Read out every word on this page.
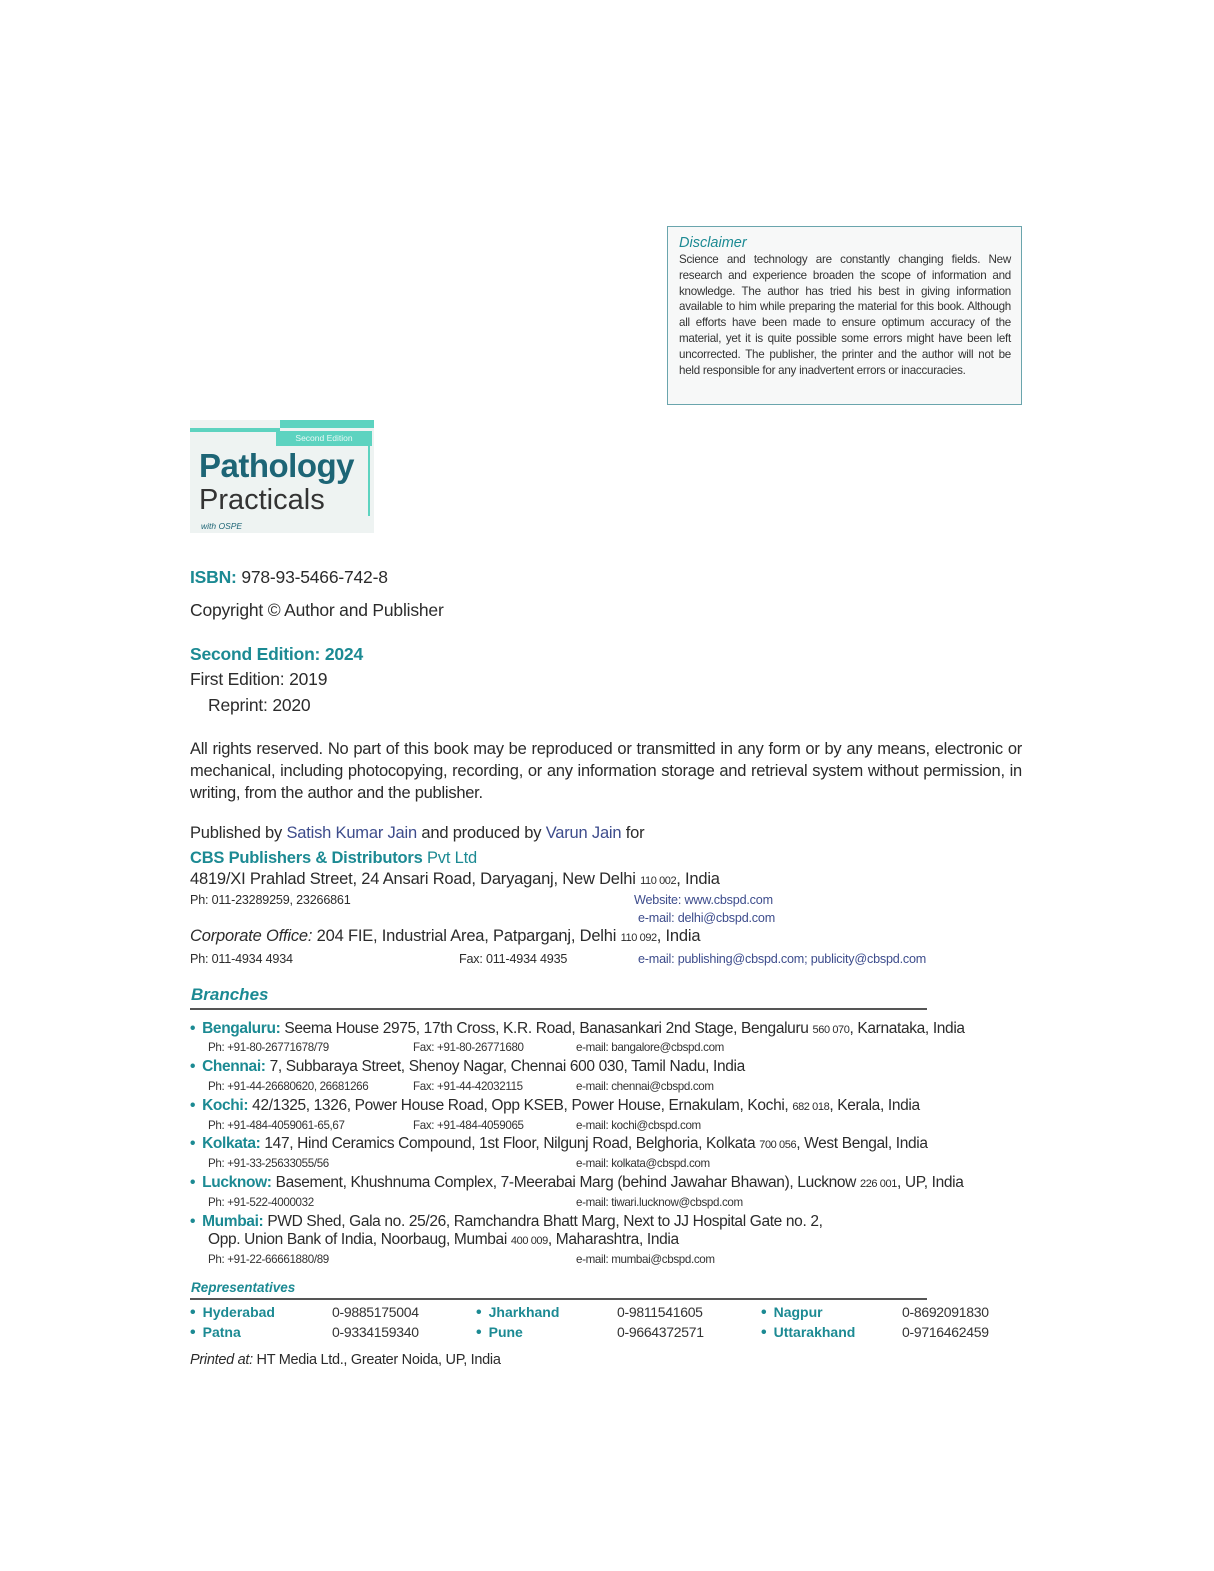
Disclaimer
Science and technology are constantly changing fields. New research and experience broaden the scope of information and knowledge. The author has tried his best in giving information available to him while preparing the material for this book. Although all efforts have been made to ensure optimum accuracy of the material, yet it is quite possible some errors might have been left uncorrected. The publisher, the printer and the author will not be held responsible for any inadvertent errors or inaccuracies.
Second Edition
Pathology
Practicals
with OSPE
ISBN: 978-93-5466-742-8
Copyright © Author and Publisher
Second Edition: 2024
First Edition: 2019
Reprint: 2020
All rights reserved. No part of this book may be reproduced or transmitted in any form or by any means, electronic or mechanical, including photocopying, recording, or any information storage and retrieval system without permission, in writing, from the author and the publisher.
Published by Satish Kumar Jain and produced by Varun Jain for
CBS Publishers & Distributors Pvt Ltd
4819/XI Prahlad Street, 24 Ansari Road, Daryaganj, New Delhi 110 002, India
Ph: 011-23289259, 23266861	Website: www.cbspd.com
e-mail: delhi@cbspd.com
Corporate Office: 204 FIE, Industrial Area, Patparganj, Delhi 110 092, India
Ph: 011-4934 4934	Fax: 011-4934 4935	e-mail: publishing@cbspd.com; publicity@cbspd.com
Branches
• Bengaluru: Seema House 2975, 17th Cross, K.R. Road, Banasankari 2nd Stage, Bengaluru 560 070, Karnataka, India
Ph: +91-80-26771678/79	Fax: +91-80-26771680	e-mail: bangalore@cbspd.com
• Chennai: 7, Subbaraya Street, Shenoy Nagar, Chennai 600 030, Tamil Nadu, India
Ph: +91-44-26680620, 26681266	Fax: +91-44-42032115	e-mail: chennai@cbspd.com
• Kochi: 42/1325, 1326, Power House Road, Opp KSEB, Power House, Ernakulam, Kochi, 682 018, Kerala, India
Ph: +91-484-4059061-65,67	Fax: +91-484-4059065	e-mail: kochi@cbspd.com
• Kolkata: 147, Hind Ceramics Compound, 1st Floor, Nilgunj Road, Belghoria, Kolkata 700 056, West Bengal, India
Ph: +91-33-25633055/56	e-mail: kolkata@cbspd.com
• Lucknow: Basement, Khushnuma Complex, 7-Meerabai Marg (behind Jawahar Bhawan), Lucknow 226 001, UP, India
Ph: +91-522-4000032	e-mail: tiwari.lucknow@cbspd.com
• Mumbai: PWD Shed, Gala no. 25/26, Ramchandra Bhatt Marg, Next to JJ Hospital Gate no. 2,
Opp. Union Bank of India, Noorbaug, Mumbai 400 009, Maharashtra, India
Ph: +91-22-66661880/89	e-mail: mumbai@cbspd.com
Representatives
• Hyderabad	0-9885175004	• Jharkhand	0-9811541605	• Nagpur	0-8692091830
• Patna	0-9334159340	• Pune	0-9664372571	• Uttarakhand	0-9716462459
Printed at: HT Media Ltd., Greater Noida, UP, India
